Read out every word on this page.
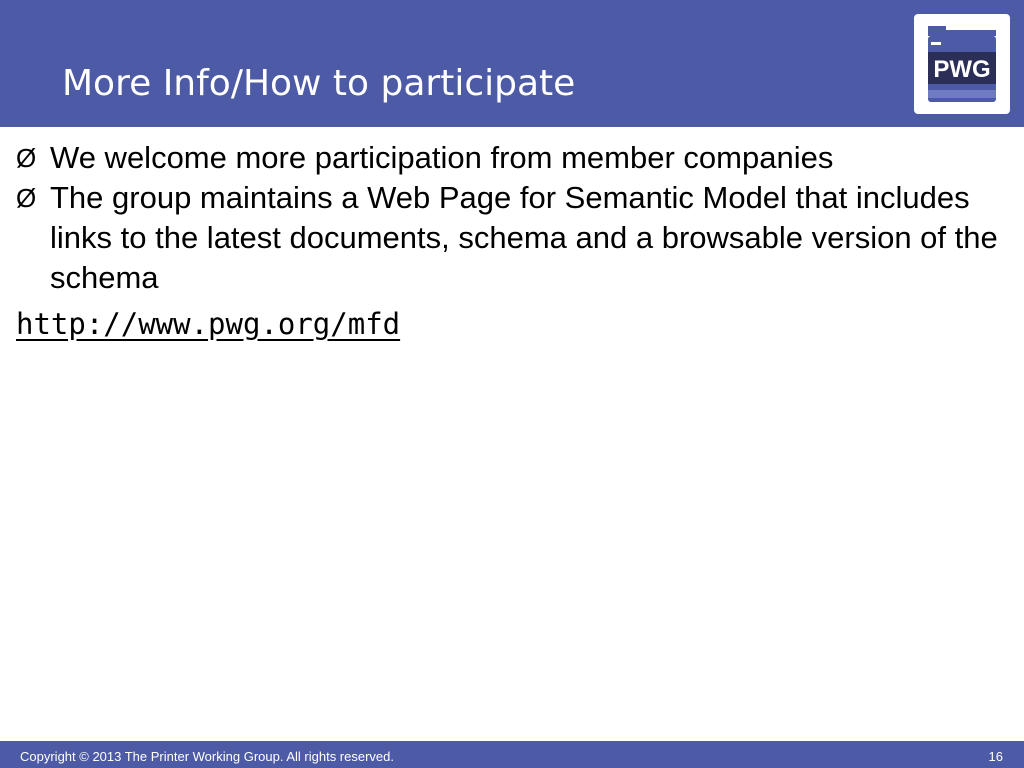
More Info/How to participate	PWG

Ø We welcome more participation from member companies

Ø The group maintains a Web Page for Semantic Model that includes links to the latest documents, schema and a browsable version of the schema

http://www.pwg.org/mfd
Copyright © 2013 The Printer Working Group. All rights reserved.	16
